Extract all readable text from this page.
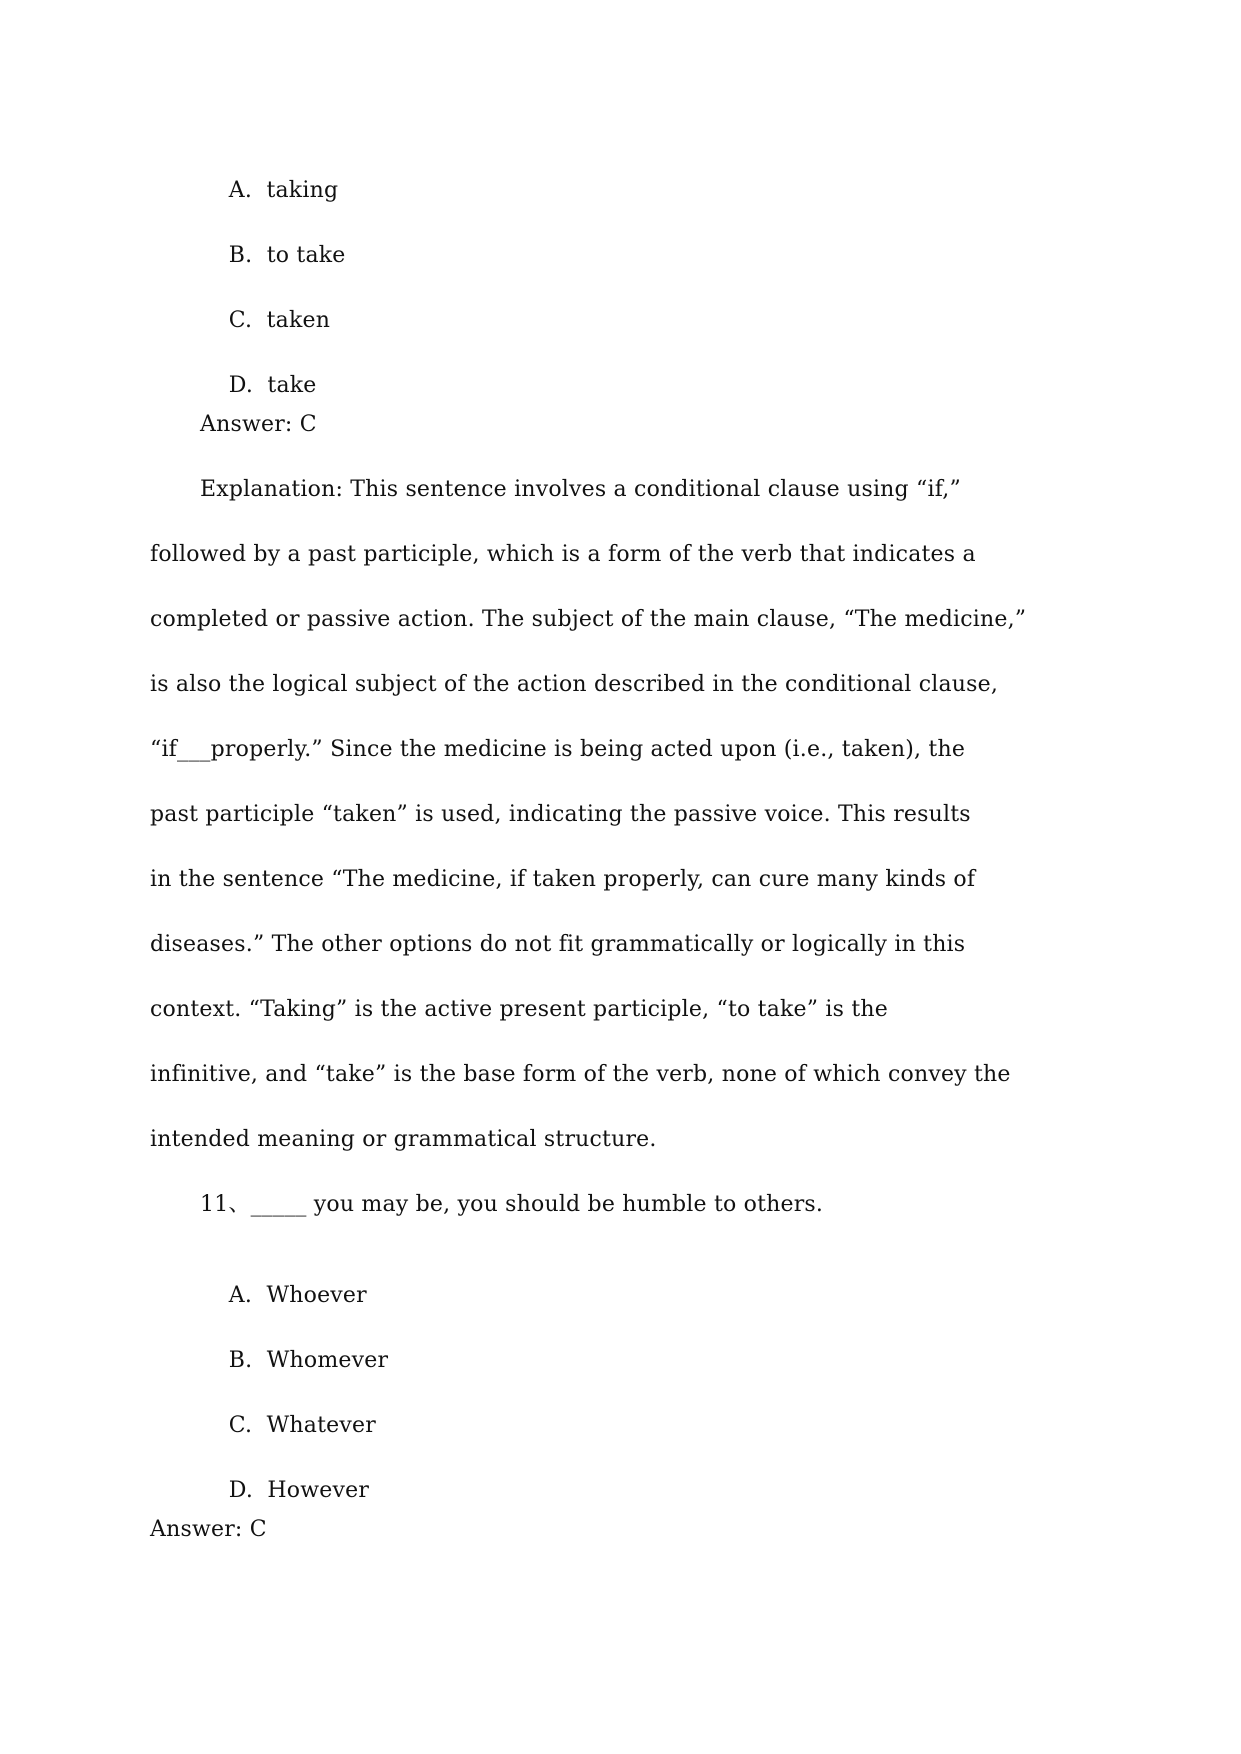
A. taking

B. to take

C. taken

D. take

Answer: C
Explanation: This sentence involves a conditional clause using “if,”
followed by a past participle, which is a form of the verb that indicates a
completed or passive action. The subject of the main clause, “The medicine,”
is also the logical subject of the action described in the conditional clause,
“if___properly.” Since the medicine is being acted upon (i.e., taken), the
past participle “taken” is used, indicating the passive voice. This results
in the sentence “The medicine, if taken properly, can cure many kinds of
diseases.” The other options do not fit grammatically or logically in this
context. “Taking” is the active present participle, “to take” is the
infinitive, and “take” is the base form of the verb, none of which convey the
intended meaning or grammatical structure.
11、_____ you may be, you should be humble to others.

A. Whoever

B. Whomever

C. Whatever

D. However

Answer: C
